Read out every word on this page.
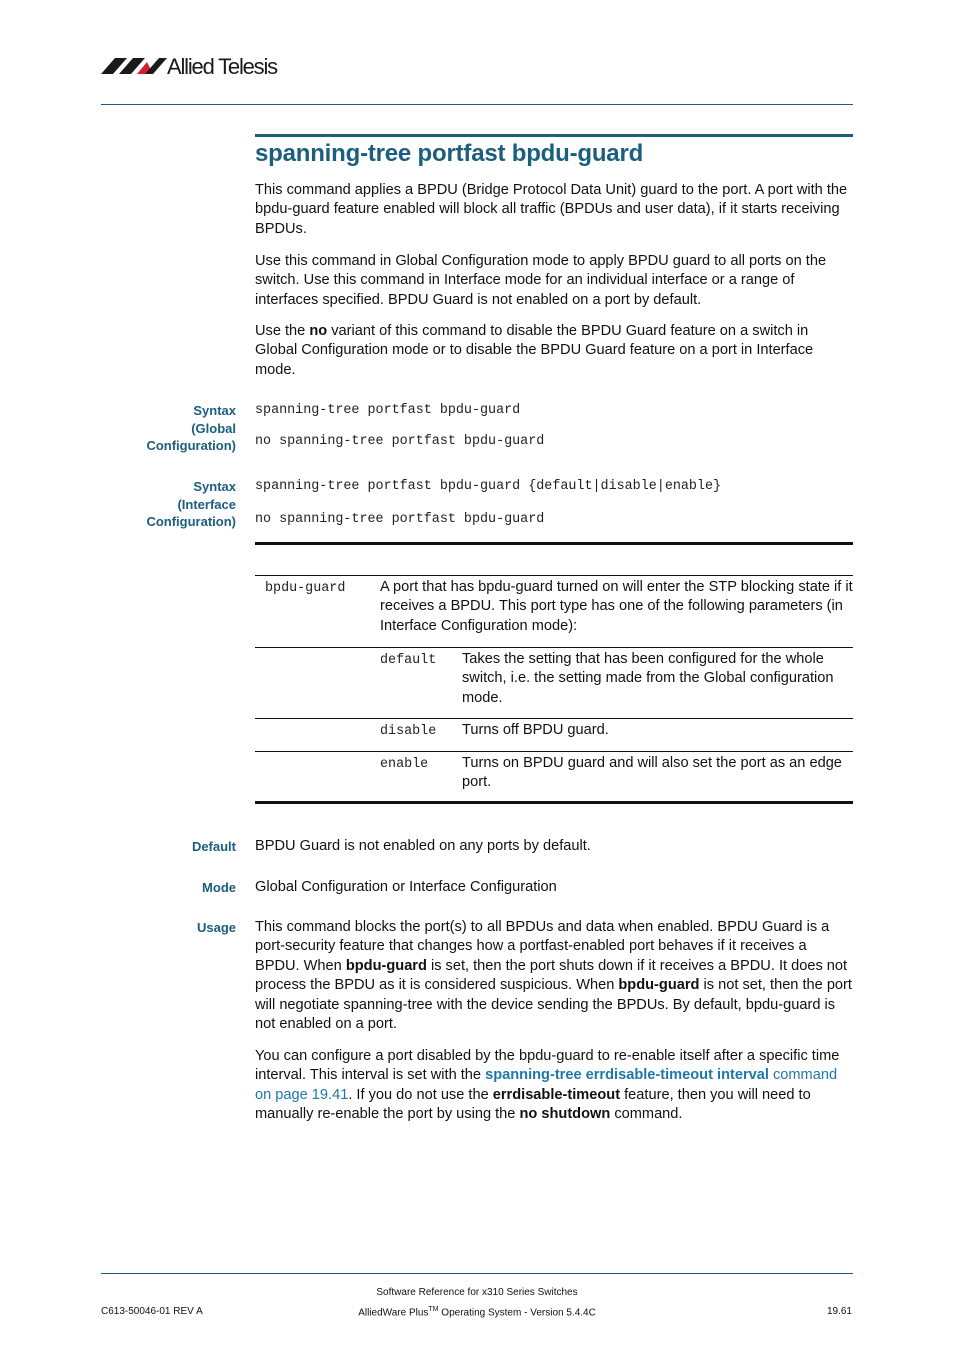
Allied Telesis
spanning-tree portfast bpdu-guard

This command applies a BPDU (Bridge Protocol Data Unit) guard to the port. A port with the bpdu-guard feature enabled will block all traffic (BPDUs and user data), if it starts receiving BPDUs.

Use this command in Global Configuration mode to apply BPDU guard to all ports on the switch. Use this command in Interface mode for an individual interface or a range of interfaces specified. BPDU Guard is not enabled on a port by default.

Use the no variant of this command to disable the BPDU Guard feature on a switch in Global Configuration mode or to disable the BPDU Guard feature on a port in Interface mode.

Syntax
(Global
Configuration)
spanning-tree portfast bpdu-guard
no spanning-tree portfast bpdu-guard
Syntax
(Interface
Configuration)
spanning-tree portfast bpdu-guard {default|disable|enable}
no spanning-tree portfast bpdu-guard
bpdu-guard A port that has bpdu-guard turned on will enter the STP blocking state if it receives a BPDU. This port type has one of the following parameters (in Interface Configuration mode):
default Takes the setting that has been configured for the whole switch, i.e. the setting made from the Global configuration mode.
disable Turns off BPDU guard.
enable Turns on BPDU guard and will also set the port as an edge port.
Default BPDU Guard is not enabled on any ports by default.

Mode Global Configuration or Interface Configuration

Usage This command blocks the port(s) to all BPDUs and data when enabled. BPDU Guard is a port-security feature that changes how a portfast-enabled port behaves if it receives a BPDU. When bpdu-guard is set, then the port shuts down if it receives a BPDU. It does not process the BPDU as it is considered suspicious. When bpdu-guard is not set, then the port will negotiate spanning-tree with the device sending the BPDUs. By default, bpdu-guard is not enabled on a port.

You can configure a port disabled by the bpdu-guard to re-enable itself after a specific time interval. This interval is set with the spanning-tree errdisable-timeout interval command on page 19.41. If you do not use the errdisable-timeout feature, then you will need to manually re-enable the port by using the no shutdown command.

Software Reference for x310 Series Switches
C613-50046-01 REV A	AlliedWare Plus™ Operating System - Version 5.4.4C	19.61
